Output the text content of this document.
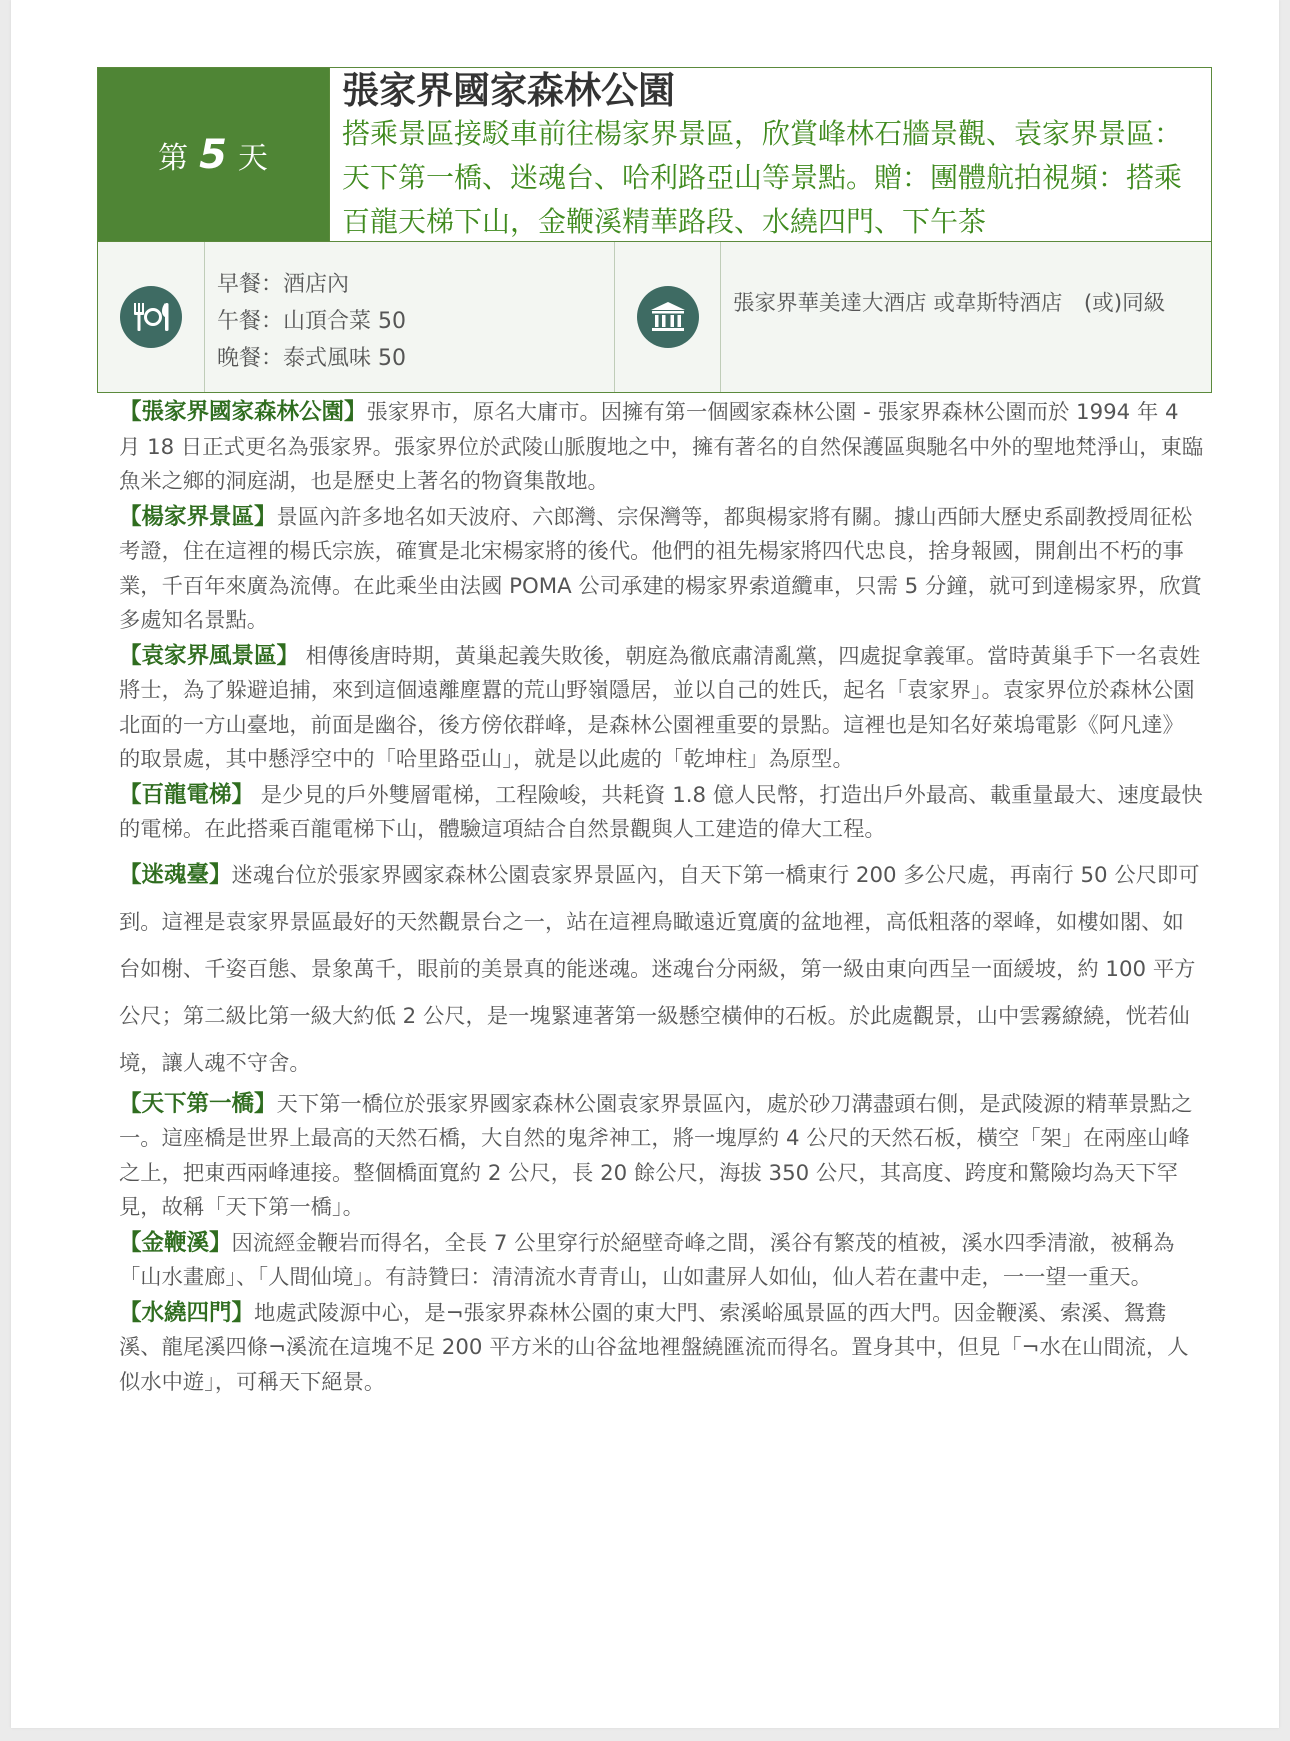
第 5 天
張家界國家森林公園
搭乘景區接駁車前往楊家界景區，欣賞峰林石牆景觀、袁家界景區：天下第一橋、迷魂台、哈利路亞山等景點。贈：團體航拍視頻：搭乘百龍天梯下山，金鞭溪精華路段、水繞四門、下午茶
早餐：酒店內
午餐：山頂合菜 50
晚餐：泰式風味 50
張家界華美達大酒店 或韋斯特酒店　(或)同級

【張家界國家森林公園】張家界市，原名大庸市。因擁有第一個國家森林公園 - 張家界森林公園而於 1994 年 4 月 18 日正式更名為張家界。張家界位於武陵山脈腹地之中，擁有著名的自然保護區與馳名中外的聖地梵淨山，東臨魚米之鄉的洞庭湖，也是歷史上著名的物資集散地。

【楊家界景區】景區內許多地名如天波府、六郎灣、宗保灣等，都與楊家將有關。據山西師大歷史系副教授周征松考證，住在這裡的楊氏宗族，確實是北宋楊家將的後代。他們的祖先楊家將四代忠良，捨身報國，開創出不朽的事業，千百年來廣為流傳。在此乘坐由法國 POMA 公司承建的楊家界索道纜車，只需 5 分鐘，就可到達楊家界，欣賞多處知名景點。

【袁家界風景區】 相傳後唐時期，黃巢起義失敗後，朝庭為徹底肅清亂黨，四處捉拿義軍。當時黃巢手下一名袁姓將士，為了躲避追捕，來到這個遠離塵囂的荒山野嶺隱居，並以自己的姓氏，起名「袁家界」。袁家界位於森林公園北面的一方山臺地，前面是幽谷，後方傍依群峰，是森林公園裡重要的景點。這裡也是知名好萊塢電影《阿凡達》的取景處，其中懸浮空中的「哈里路亞山」，就是以此處的「乾坤柱」為原型。

【百龍電梯】 是少見的戶外雙層電梯，工程險峻，共耗資 1.8 億人民幣，打造出戶外最高、載重量最大、速度最快的電梯。在此搭乘百龍電梯下山，體驗這項結合自然景觀與人工建造的偉大工程。

【迷魂臺】迷魂台位於張家界國家森林公園袁家界景區內，自天下第一橋東行 200 多公尺處，再南行 50 公尺即可到。這裡是袁家界景區最好的天然觀景台之一，站在這裡鳥瞰遠近寬廣的盆地裡，高低粗落的翠峰，如樓如閣、如台如榭、千姿百態、景象萬千，眼前的美景真的能迷魂。迷魂台分兩級，第一級由東向西呈一面緩坡，約 100 平方公尺；第二級比第一級大約低 2 公尺，是一塊緊連著第一級懸空橫伸的石板。於此處觀景，山中雲霧繚繞，恍若仙境，讓人魂不守舍。

【天下第一橋】天下第一橋位於張家界國家森林公園袁家界景區內，處於砂刀溝盡頭右側，是武陵源的精華景點之一。這座橋是世界上最高的天然石橋，大自然的鬼斧神工，將一塊厚約 4 公尺的天然石板，橫空「架」在兩座山峰之上，把東西兩峰連接。整個橋面寬約 2 公尺，長 20 餘公尺，海拔 350 公尺，其高度、跨度和驚險均為天下罕見，故稱「天下第一橋」。

【金鞭溪】因流經金鞭岩而得名，全長 7 公里穿行於絕壁奇峰之間，溪谷有繁茂的植被，溪水四季清澈，被稱為「山水畫廊」、「人間仙境」。有詩贊曰：清清流水青青山，山如畫屏人如仙，仙人若在畫中走，一一望一重天。

【水繞四門】地處武陵源中心，是¬張家界森林公園的東大門、索溪峪風景區的西大門。因金鞭溪、索溪、鴛鴦溪、龍尾溪四條¬溪流在這塊不足 200 平方米的山谷盆地裡盤繞匯流而得名。置身其中，但見「¬水在山間流，人似水中遊」，可稱天下絕景。
